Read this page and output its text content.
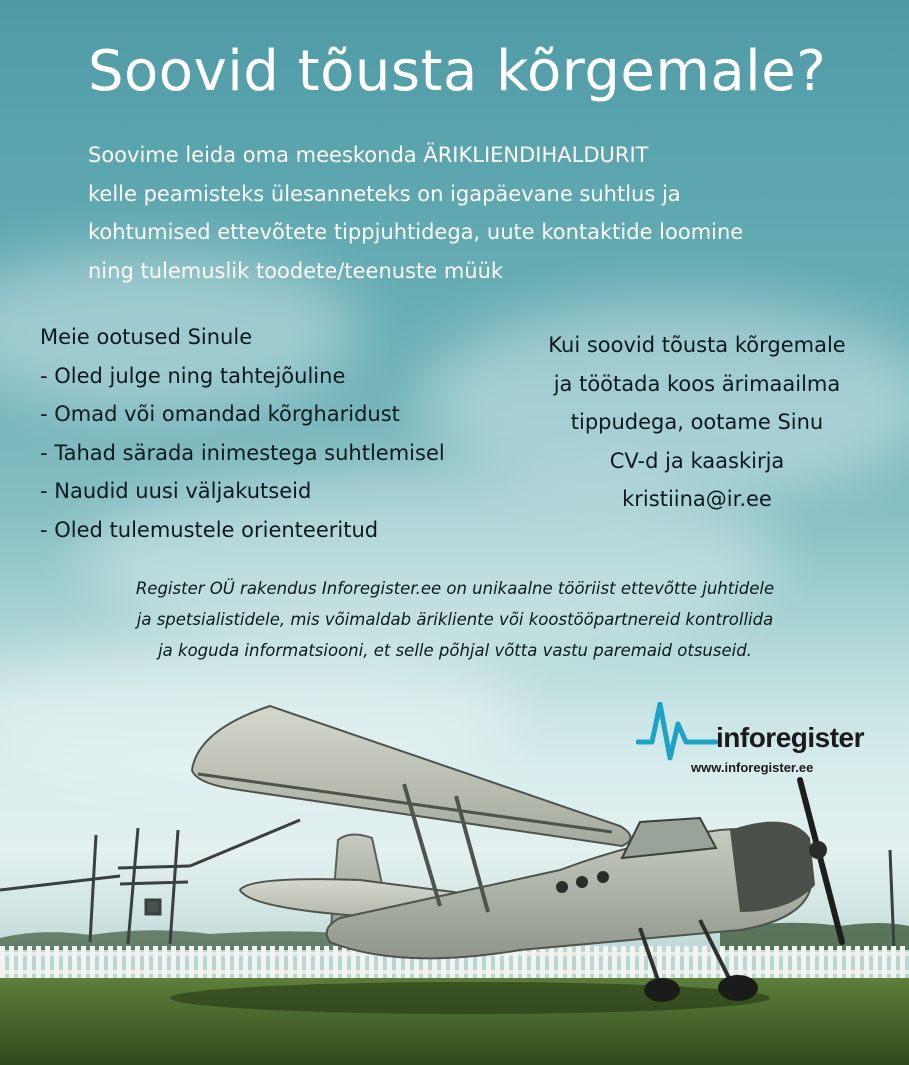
Soovid tõusta kõrgemale?
Soovime leida oma meeskonda ÄRIKLIENDIHALDURIT
kelle peamisteks ülesanneteks on igapäevane suhtlus ja
kohtumised ettevõtete tippjuhtidega, uute kontaktide loomine
ning tulemuslik toodete/teenuste müük
Meie ootused Sinule
- Oled julge ning tahtejõuline
- Omad või omandad kõrgharidust
- Tahad särada inimestega suhtlemisel
- Naudid uusi väljakutseid
- Oled tulemustele orienteeritud
Kui soovid tõusta kõrgemale
ja töötada koos ärimaailma
tippudega, ootame Sinu
CV-d ja kaaskirja
kristiina@ir.ee
Register OÜ rakendus Inforegister.ee on unikaalne tööriist ettevõtte juhtidele
ja spetsialistidele, mis võimaldab ärikliente või koostööpartnereid kontrollida
ja koguda informatsiooni, et selle põhjal võtta vastu paremaid otsuseid.
inforegister
www.inforegister.ee
